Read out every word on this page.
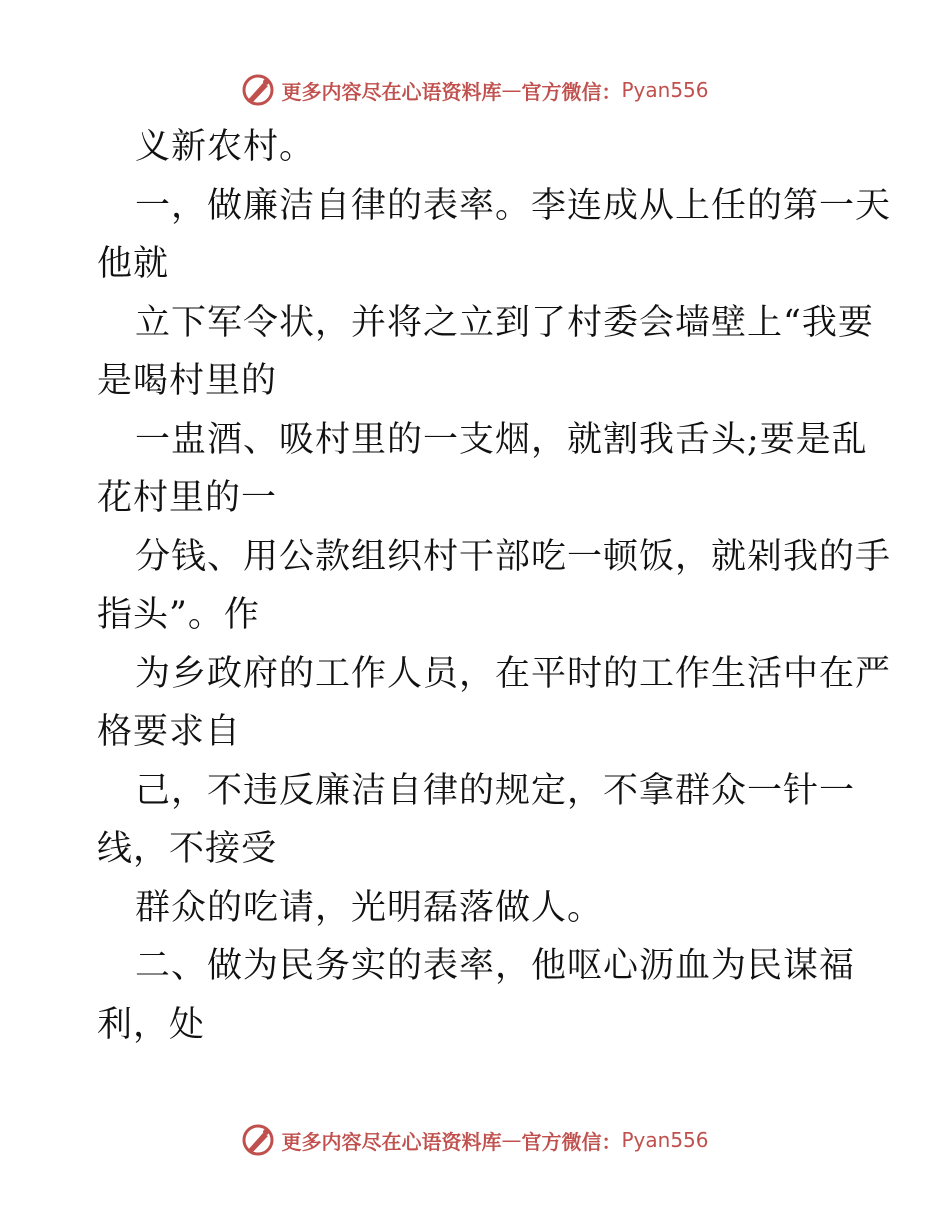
更多内容尽在心语资料库 — 官方微信： Pyan556
义新农村。
一，做廉洁自律的表率。李连成从上任的第一天
他就
立下军令状，并将之立到了村委会墙壁上“我要
是喝村里的
一盅酒、吸村里的一支烟，就割我舌头;要是乱
花村里的一
分钱、用公款组织村干部吃一顿饭，就剁我的手
指头”。作
为乡政府的工作人员，在平时的工作生活中在严
格要求自
己，不违反廉洁自律的规定，不拿群众一针一
线，不接受
群众的吃请，光明磊落做人。
二、做为民务实的表率，他呕心沥血为民谋福
利，处
更多内容尽在心语资料库 — 官方微信： Pyan556
